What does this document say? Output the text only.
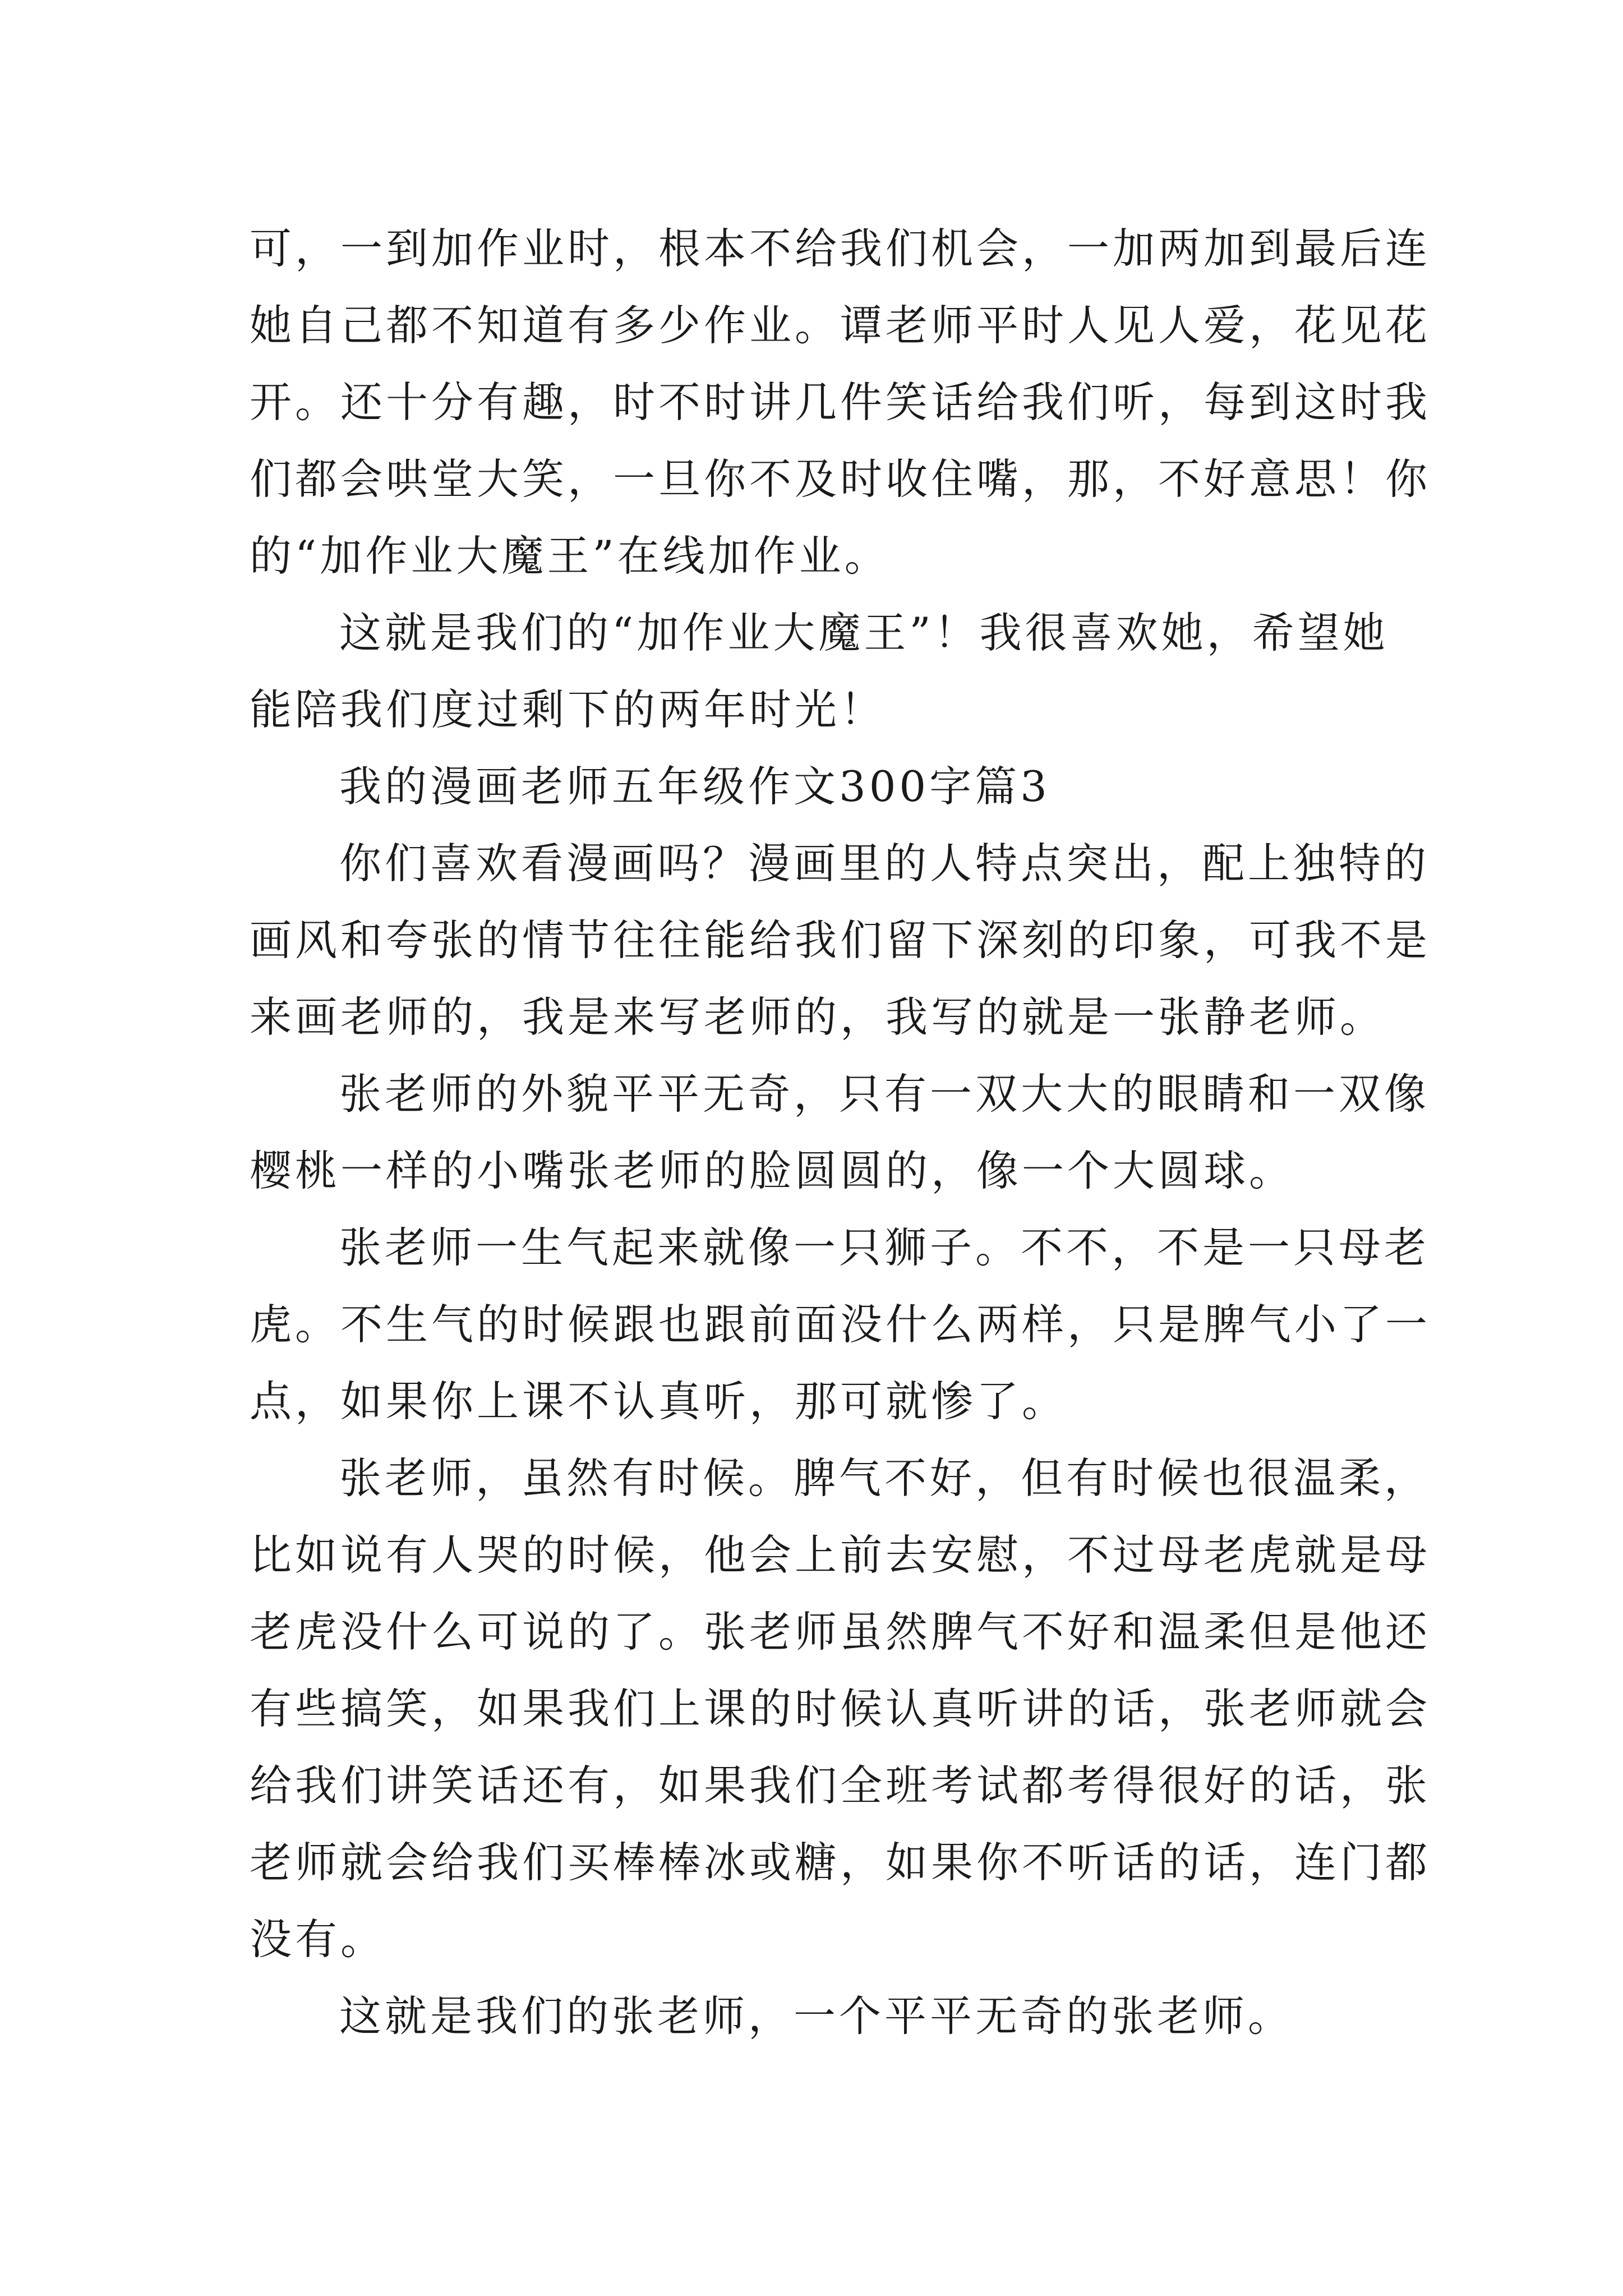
可，一到加作业时，根本不给我们机会，一加两加到最后连
她自己都不知道有多少作业。谭老师平时人见人爱，花见花
开。还十分有趣，时不时讲几件笑话给我们听，每到这时我
们都会哄堂大笑，一旦你不及时收住嘴，那，不好意思！你
的“加作业大魔王”在线加作业。
这就是我们的“加作业大魔王”！我很喜欢她，希望她
能陪我们度过剩下的两年时光！
我的漫画老师五年级作文300字篇3
你们喜欢看漫画吗？漫画里的人特点突出，配上独特的
画风和夸张的情节往往能给我们留下深刻的印象，可我不是
来画老师的，我是来写老师的，我写的就是一张静老师。
张老师的外貌平平无奇，只有一双大大的眼睛和一双像
樱桃一样的小嘴张老师的脸圆圆的，像一个大圆球。
张老师一生气起来就像一只狮子。不不，不是一只母老
虎。不生气的时候跟也跟前面没什么两样，只是脾气小了一
点，如果你上课不认真听，那可就惨了。
张老师，虽然有时候。脾气不好，但有时候也很温柔，
比如说有人哭的时候，他会上前去安慰，不过母老虎就是母
老虎没什么可说的了。张老师虽然脾气不好和温柔但是他还
有些搞笑，如果我们上课的时候认真听讲的话，张老师就会
给我们讲笑话还有，如果我们全班考试都考得很好的话，张
老师就会给我们买棒棒冰或糖，如果你不听话的话，连门都
没有。
这就是我们的张老师，一个平平无奇的张老师。
